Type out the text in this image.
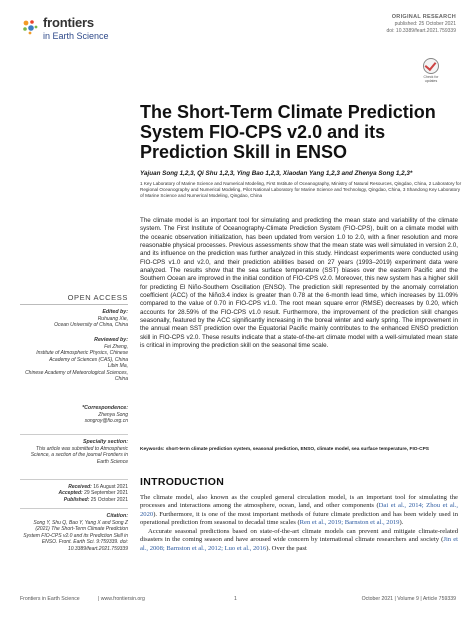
frontiers
in Earth Science
ORIGINAL RESEARCH
published: 25 October 2021
doi: 10.3389/feart.2021.759339
Check for updates
The Short-Term Climate Prediction System FIO-CPS v2.0 and its Prediction Skill in ENSO
Yajuan Song 1,2,3, Qi Shu 1,2,3, Ying Bao 1,2,3, Xiaodan Yang 1,2,3 and Zhenya Song 1,2,3*
1 Key Laboratory of Marine Science and Numerical Modeling, First Institute of Oceanography, Ministry of Natural Resources, Qingdao, China, 2 Laboratory for Regional Oceanography and Numerical Modeling, Pilot National Laboratory for Marine Science and Technology, Qingdao, China, 3 Shandong Key Laboratory of Marine Science and Numerical Modeling, Qingdao, China
The climate model is an important tool for simulating and predicting the mean state and variability of the climate system. The First Institute of Oceanography-Climate Prediction System (FIO-CPS), built on a climate model with the oceanic observation initialization, has been updated from version 1.0 to 2.0, with a finer resolution and more reasonable physical processes. Previous assessments show that the mean state was well simulated in version 2.0, and its influence on the prediction was further analyzed in this study. Hindcast experiments were conducted using FIO-CPS v1.0 and v2.0, and their prediction abilities based on 27 years (1993–2019) experiment data were analyzed. The results show that the sea surface temperature (SST) biases over the eastern Pacific and the Southern Ocean are improved in the initial condition of FIO-CPS v2.0. Moreover, this new system has a higher skill for predicting El Niño-Southern Oscillation (ENSO). The prediction skill represented by the anomaly correlation coefficient (ACC) of the Niño3.4 index is greater than 0.78 at the 6-month lead time, which increases by 11.09% compared to the value of 0.70 in FIO-CPS v1.0. The root mean square error (RMSE) decreases by 0.20, which accounts for 28.59% of the FIO-CPS v1.0 result. Furthermore, the improvement of the prediction skill changes seasonally, featured by the ACC significantly increasing in the boreal winter and early spring. The improvement in the annual mean SST prediction over the Equatorial Pacific mainly contributes to the enhanced ENSO prediction skill in FIO-CPS v2.0. These results indicate that a state-of-the-art climate model with a well-simulated mean state is critical in improving the prediction skill on the seasonal time scale.
Keywords: short-term climate prediction system, seasonal prediction, ENSO, climate model, sea surface temperature, FIO-CPS
INTRODUCTION

The climate model, also known as the coupled general circulation model, is an important tool for simulating the processes and interactions among the atmosphere, ocean, land, and other components (Dai et al., 2014; Zhou et al., 2020). Furthermore, it is one of the most important methods of future climate prediction and has been widely used in operational prediction from seasonal to decadal time scales (Ren et al., 2019; Barnston et al., 2019).

Accurate seasonal predictions based on state-of-the-art climate models can prevent and mitigate climate-related disasters in the coming season and have aroused wide concern by international climate researchers and society (Jin et al., 2008; Barnston et al., 2012; Luo et al., 2016). Over the past

OPEN ACCESS
Edited by:
Ruhuang Xie,
Ocean University of China, China
Reviewed by:
Fei Zheng,
Institute of Atmospheric Physics, Chinese Academy of Sciences (CAS), China
Libin Ma,
Chinese Academy of Meteorological Sciences, China
*Correspondence:
Zhenya Song
songroy@fio.org.cn
Specialty section:
This article was submitted to Atmospheric Science, a section of the journal Frontiers in Earth Science
Received: 16 August 2021
Accepted: 29 September 2021
Published: 25 October 2021
Citation:
Song Y, Shu Q, Bao Y, Yang X and Song Z (2021) The Short-Term Climate Prediction System FIO-CPS v2.0 and its Prediction Skill in ENSO. Front. Earth Sci. 9:759339. doi: 10.3389/feart.2021.759339
Frontiers in Earth Science	| www.frontiersin.org	1	October 2021 | Volume 9 | Article 759339
